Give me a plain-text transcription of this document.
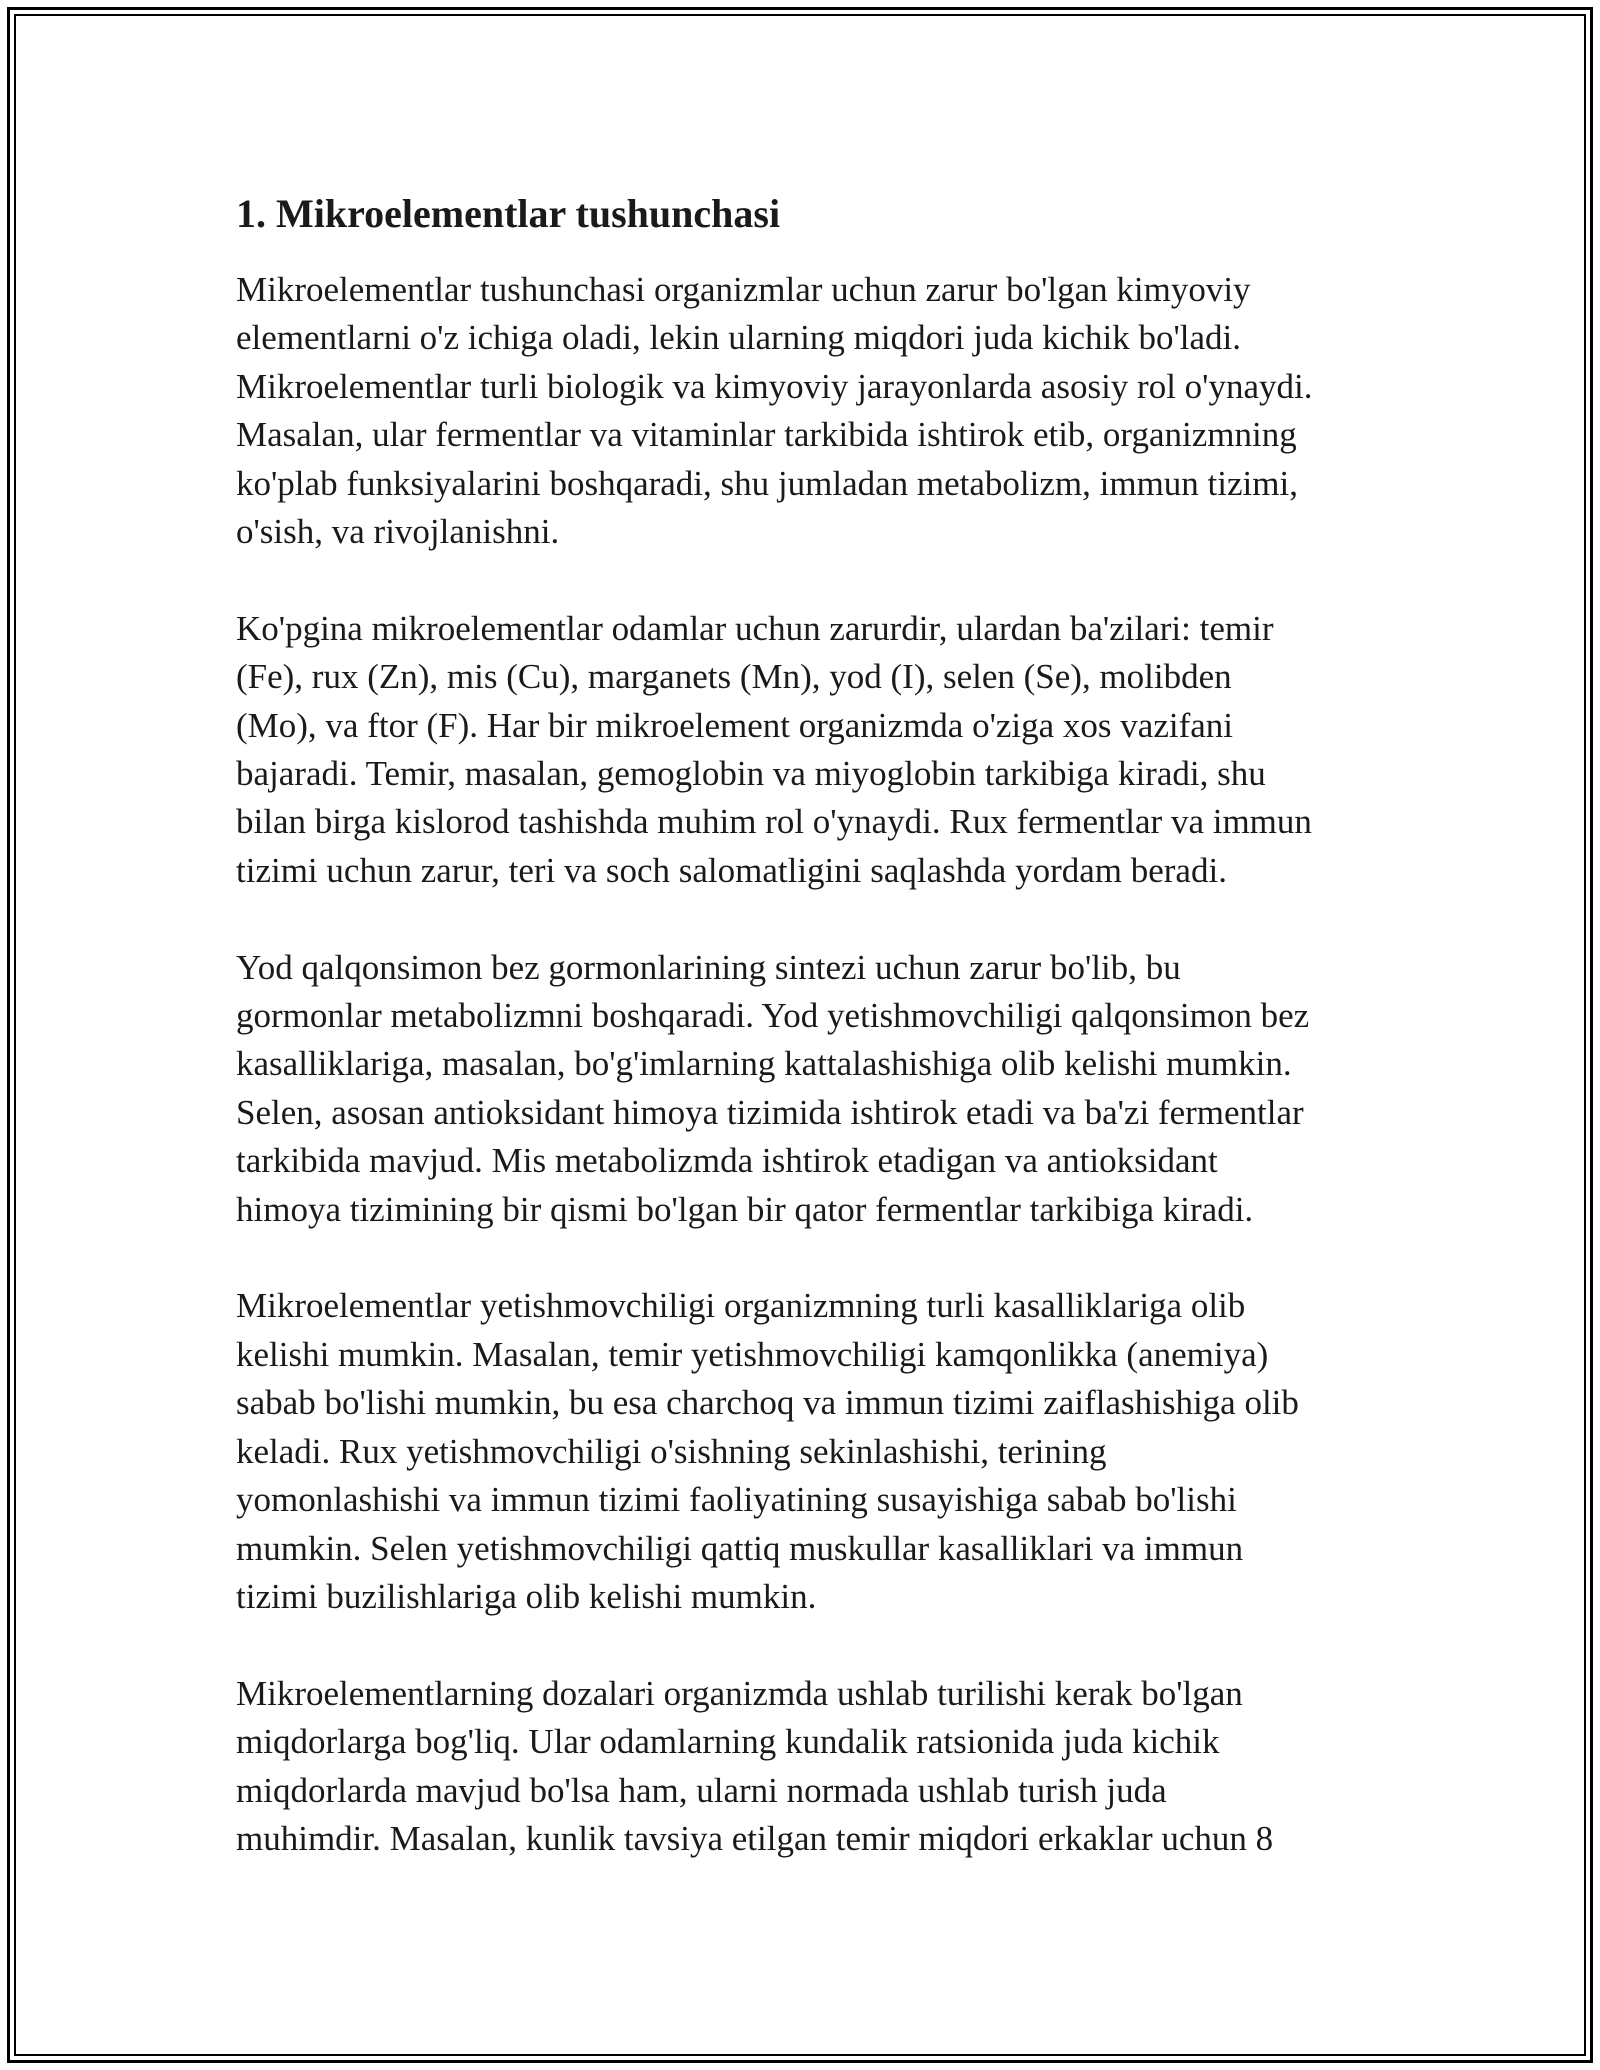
1. Mikroelementlar tushunchasi

Mikroelementlar tushunchasi organizmlar uchun zarur bo'lgan kimyoviy
elementlarni o'z ichiga oladi, lekin ularning miqdori juda kichik bo'ladi.
Mikroelementlar turli biologik va kimyoviy jarayonlarda asosiy rol o'ynaydi.
Masalan, ular fermentlar va vitaminlar tarkibida ishtirok etib, organizmning
ko'plab funksiyalarini boshqaradi, shu jumladan metabolizm, immun tizimi,
o'sish, va rivojlanishni.

Ko'pgina mikroelementlar odamlar uchun zarurdir, ulardan ba'zilari: temir
(Fe), rux (Zn), mis (Cu), marganets (Mn), yod (I), selen (Se), molibden
(Mo), va ftor (F). Har bir mikroelement organizmda o'ziga xos vazifani
bajaradi. Temir, masalan, gemoglobin va miyoglobin tarkibiga kiradi, shu
bilan birga kislorod tashishda muhim rol o'ynaydi. Rux fermentlar va immun
tizimi uchun zarur, teri va soch salomatligini saqlashda yordam beradi.

Yod qalqonsimon bez gormonlarining sintezi uchun zarur bo'lib, bu
gormonlar metabolizmni boshqaradi. Yod yetishmovchiligi qalqonsimon bez
kasalliklariga, masalan, bo'g'imlarning kattalashishiga olib kelishi mumkin.
Selen, asosan antioksidant himoya tizimida ishtirok etadi va ba'zi fermentlar
tarkibida mavjud. Mis metabolizmda ishtirok etadigan va antioksidant
himoya tizimining bir qismi bo'lgan bir qator fermentlar tarkibiga kiradi.

Mikroelementlar yetishmovchiligi organizmning turli kasalliklariga olib
kelishi mumkin. Masalan, temir yetishmovchiligi kamqonlikka (anemiya)
sabab bo'lishi mumkin, bu esa charchoq va immun tizimi zaiflashishiga olib
keladi. Rux yetishmovchiligi o'sishning sekinlashishi, terining
yomonlashishi va immun tizimi faoliyatining susayishiga sabab bo'lishi
mumkin. Selen yetishmovchiligi qattiq muskullar kasalliklari va immun
tizimi buzilishlariga olib kelishi mumkin.

Mikroelementlarning dozalari organizmda ushlab turilishi kerak bo'lgan
miqdorlarga bog'liq. Ular odamlarning kundalik ratsionida juda kichik
miqdorlarda mavjud bo'lsa ham, ularni normada ushlab turish juda
muhimdir. Masalan, kunlik tavsiya etilgan temir miqdori erkaklar uchun 8
